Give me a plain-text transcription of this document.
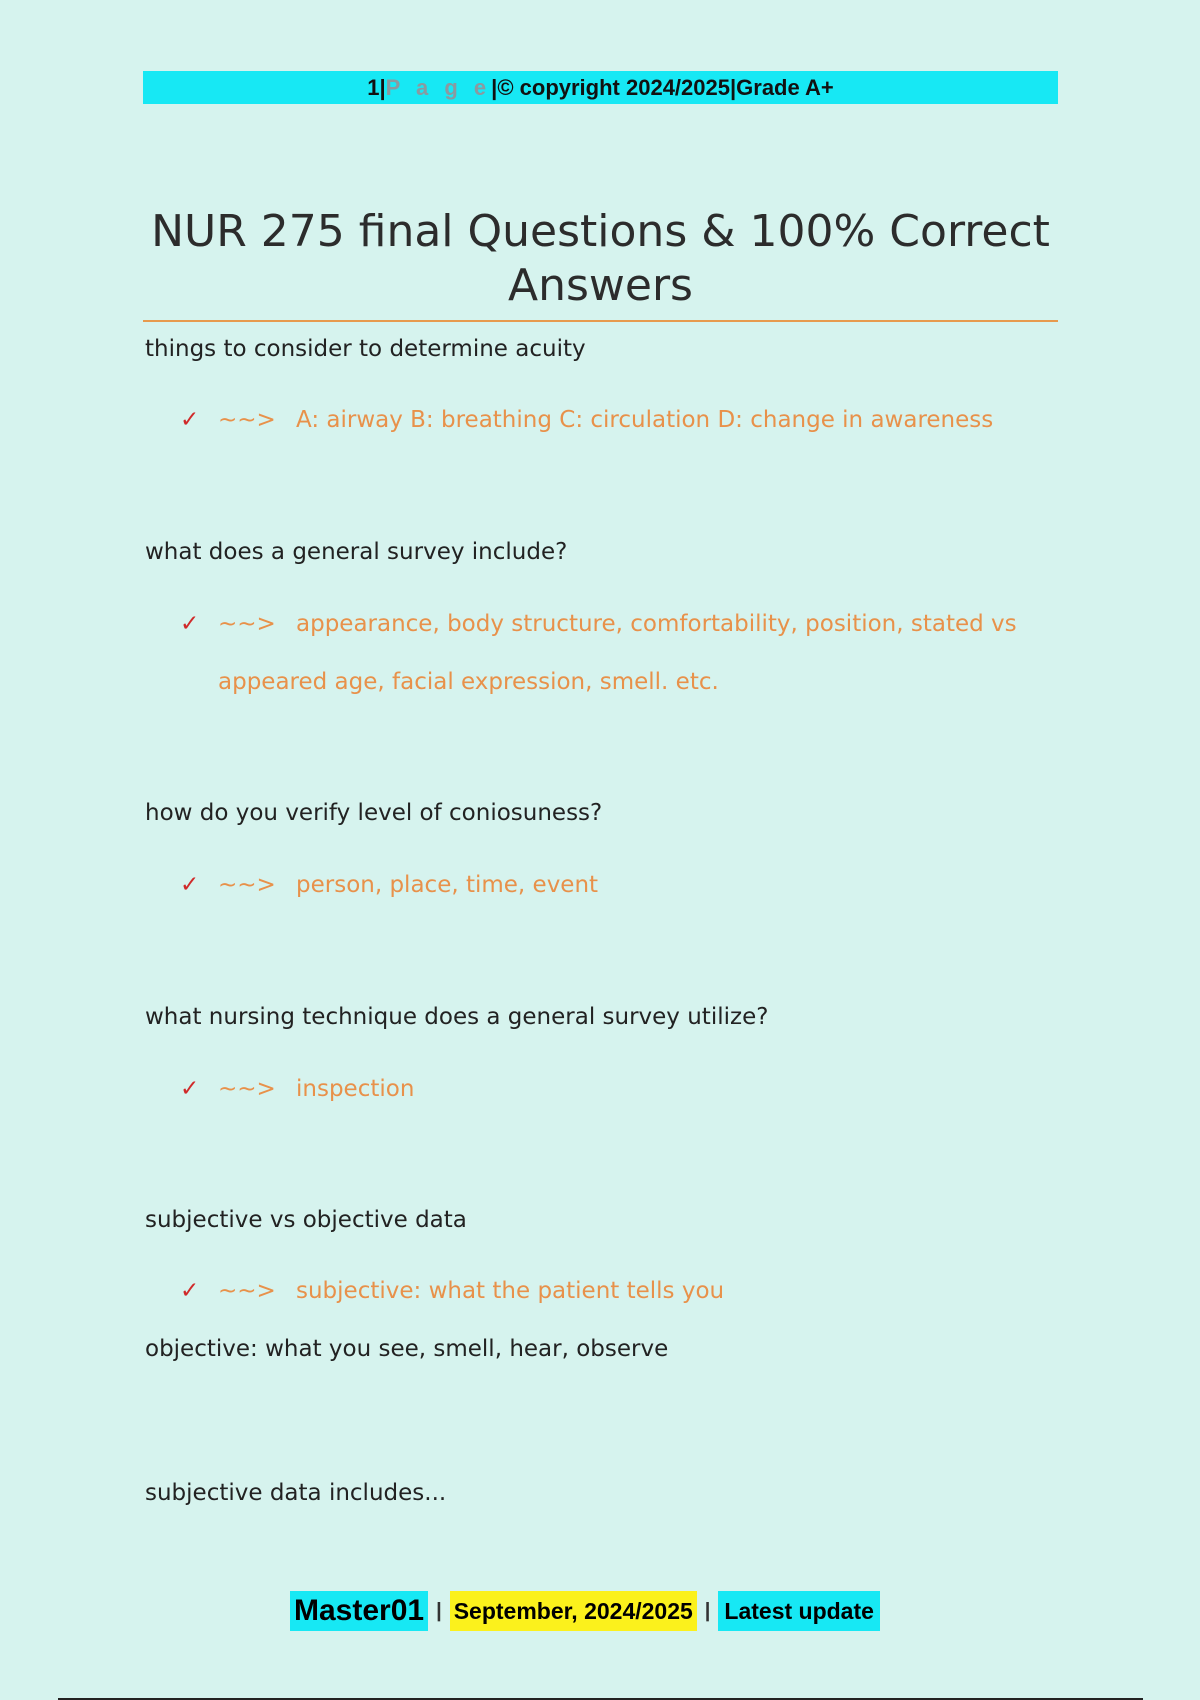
1 | P a g e | © copyright 2024/2025 | Grade A+
NUR 275 final Questions & 100% Correct Answers
things to consider to determine acuity
✓ ~~> A: airway B: breathing C: circulation D: change in awareness
what does a general survey include?
✓ ~~> appearance, body structure, comfortability, position, stated vs
appeared age, facial expression, smell. etc.
how do you verify level of coniosuness?
✓ ~~> person, place, time, event
what nursing technique does a general survey utilize?
✓ ~~> inspection
subjective vs objective data
✓ ~~> subjective: what the patient tells you
objective: what you see, smell, hear, observe
subjective data includes...
Master01 | September, 2024/2025 | Latest update
